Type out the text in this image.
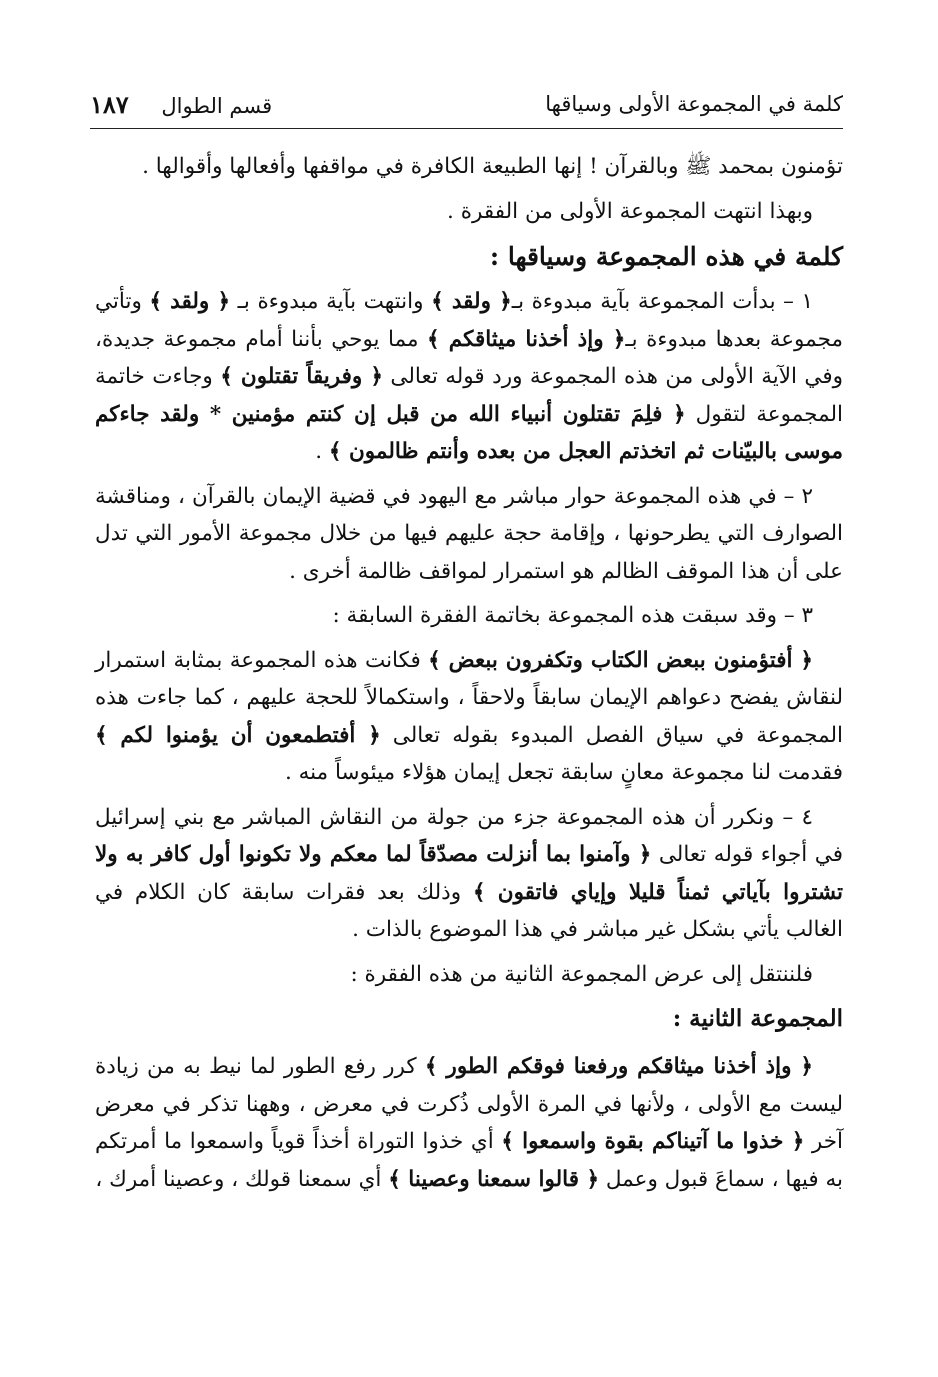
كلمة في المجموعة الأولى وسياقها
قسم الطوال ١٨٧

تؤمنون بمحمد ﷺ وبالقرآن ! إنها الطبيعة الكافرة في مواقفها وأفعالها وأقوالها .

وبهذا انتهت المجموعة الأولى من الفقرة .

كلمة في هذه المجموعة وسياقها :

١ – بدأت المجموعة بآية مبدوءة بـ﴿ ولقد ﴾ وانتهت بآية مبدوءة بـ ﴿ ولقد ﴾ وتأتي مجموعة بعدها مبدوءة بـ﴿ وإذ أخذنا ميثاقكم ﴾ مما يوحي بأننا أمام مجموعة جديدة، وفي الآية الأولى من هذه المجموعة ورد قوله تعالى ﴿ وفريقاً تقتلون ﴾ وجاءت خاتمة المجموعة لتقول ﴿ فلِمَ تقتلون أنبياء الله من قبل إن كنتم مؤمنين * ولقد جاءكم موسى بالبيّنات ثم اتخذتم العجل من بعده وأنتم ظالمون ﴾ .

٢ – في هذه المجموعة حوار مباشر مع اليهود في قضية الإيمان بالقرآن ، ومناقشة الصوارف التي يطرحونها ، وإقامة حجة عليهم فيها من خلال مجموعة الأمور التي تدل على أن هذا الموقف الظالم هو استمرار لمواقف ظالمة أخرى .

٣ – وقد سبقت هذه المجموعة بخاتمة الفقرة السابقة :

﴿ أفتؤمنون ببعض الكتاب وتكفرون ببعض ﴾ فكانت هذه المجموعة بمثابة استمرار لنقاش يفضح دعواهم الإيمان سابقاً ولاحقاً ، واستكمالاً للحجة عليهم ، كما جاءت هذه المجموعة في سياق الفصل المبدوء بقوله تعالى ﴿ أفتطمعون أن يؤمنوا لكم ﴾ فقدمت لنا مجموعة معانٍ سابقة تجعل إيمان هؤلاء ميئوساً منه .

٤ – ونكرر أن هذه المجموعة جزء من جولة من النقاش المباشر مع بني إسرائيل في أجواء قوله تعالى ﴿ وآمنوا بما أنزلت مصدّقاً لما معكم ولا تكونوا أول كافر به ولا تشتروا بآياتي ثمناً قليلا وإياي فاتقون ﴾ وذلك بعد فقرات سابقة كان الكلام في الغالب يأتي بشكل غير مباشر في هذا الموضوع بالذات .

فلننتقل إلى عرض المجموعة الثانية من هذه الفقرة :

المجموعة الثانية :

﴿ وإذ أخذنا ميثاقكم ورفعنا فوقكم الطور ﴾ كرر رفع الطور لما نيط به من زيادة ليست مع الأولى ، ولأنها في المرة الأولى ذُكرت في معرض ، وههنا تذكر في معرض آخر ﴿ خذوا ما آتيناكم بقوة واسمعوا ﴾ أي خذوا التوراة أخذاً قوياً واسمعوا ما أمرتكم به فيها ، سماعَ قبول وعمل ﴿ قالوا سمعنا وعصينا ﴾ أي سمعنا قولك ، وعصينا أمرك ،
